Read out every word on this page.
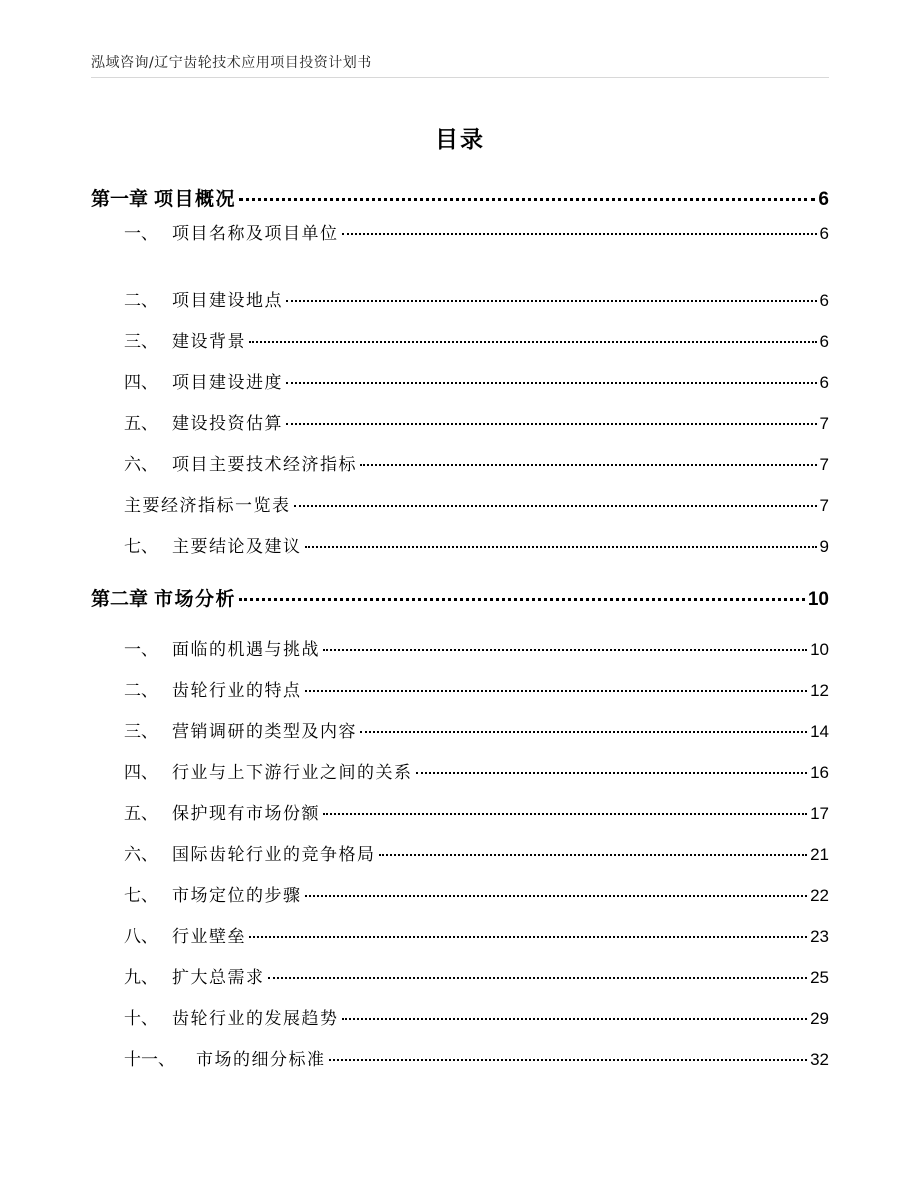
泓域咨询/辽宁齿轮技术应用项目投资计划书
目录
第一章 项目概况	6
一、 项目名称及项目单位	6
二、 项目建设地点	6
三、 建设背景	6
四、 项目建设进度	6
五、 建设投资估算	7
六、 项目主要技术经济指标	7
主要经济指标一览表	7
七、 主要结论及建议	9
第二章 市场分析	10
一、 面临的机遇与挑战	10
二、 齿轮行业的特点	12
三、 营销调研的类型及内容	14
四、 行业与上下游行业之间的关系	16
五、 保护现有市场份额	17
六、 国际齿轮行业的竞争格局	21
七、 市场定位的步骤	22
八、 行业壁垒	23
九、 扩大总需求	25
十、 齿轮行业的发展趋势	29
十一、	市场的细分标准	32
